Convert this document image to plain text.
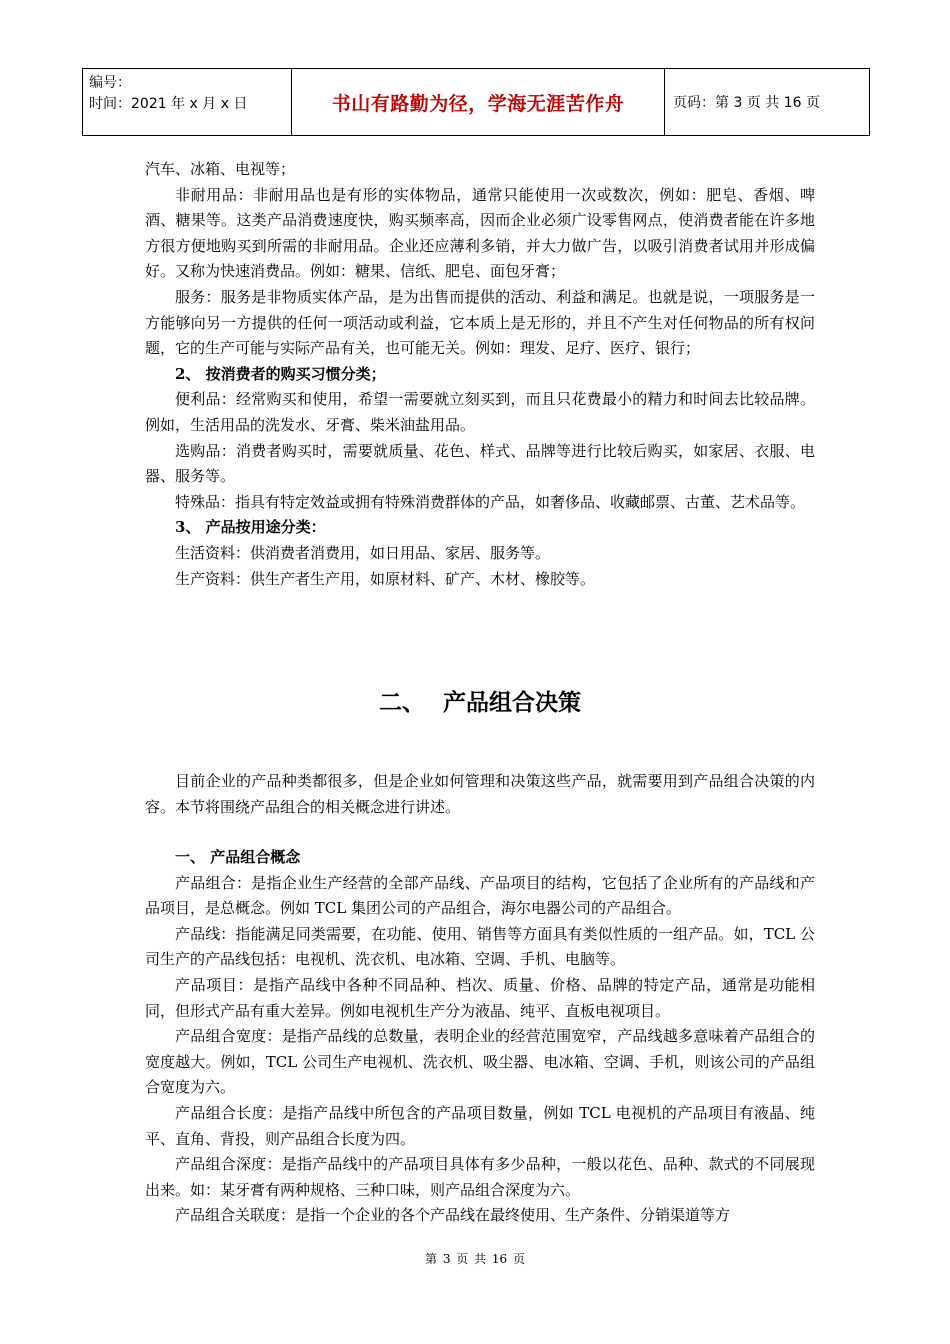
编号：
时间：2021 年 x 月 x 日	书山有路勤为径，学海无涯苦作舟	页码：第 3 页 共 16 页

汽车、冰箱、电视等；

非耐用品：非耐用品也是有形的实体物品，通常只能使用一次或数次，例如：肥皂、香烟、啤酒、糖果等。这类产品消费速度快，购买频率高，因而企业必须广设零售网点，使消费者能在许多地方很方便地购买到所需的非耐用品。企业还应薄利多销，并大力做广告，以吸引消费者试用并形成偏好。又称为快速消费品。例如：糖果、信纸、肥皂、面包牙膏；

服务：服务是非物质实体产品，是为出售而提供的活动、利益和满足。也就是说，一项服务是一方能够向另一方提供的任何一项活动或利益，它本质上是无形的，并且不产生对任何物品的所有权问题，它的生产可能与实际产品有关，也可能无关。例如：理发、足疗、医疗、银行；

2、 按消费者的购买习惯分类；

便利品：经常购买和使用，希望一需要就立刻买到，而且只花费最小的精力和时间去比较品牌。例如，生活用品的洗发水、牙膏、柴米油盐用品。

选购品：消费者购买时，需要就质量、花色、样式、品牌等进行比较后购买，如家居、衣服、电器、服务等。

特殊品：指具有特定效益或拥有特殊消费群体的产品，如奢侈品、收藏邮票、古董、艺术品等。

3、 产品按用途分类：

生活资料：供消费者消费用，如日用品、家居、服务等。

生产资料：供生产者生产用，如原材料、矿产、木材、橡胶等。

二、 产品组合决策

目前企业的产品种类都很多，但是企业如何管理和决策这些产品，就需要用到产品组合决策的内容。本节将围绕产品组合的相关概念进行讲述。

一、 产品组合概念

产品组合：是指企业生产经营的全部产品线、产品项目的结构，它包括了企业所有的产品线和产品项目，是总概念。例如 TCL 集团公司的产品组合，海尔电器公司的产品组合。

产品线：指能满足同类需要，在功能、使用、销售等方面具有类似性质的一组产品。如，TCL 公司生产的产品线包括：电视机、洗衣机、电冰箱、空调、手机、电脑等。

产品项目：是指产品线中各种不同品种、档次、质量、价格、品牌的特定产品，通常是功能相同，但形式产品有重大差异。例如电视机生产分为液晶、纯平、直板电视项目。

产品组合宽度：是指产品线的总数量，表明企业的经营范围宽窄，产品线越多意味着产品组合的宽度越大。例如，TCL 公司生产电视机、洗衣机、吸尘器、电冰箱、空调、手机，则该公司的产品组合宽度为六。

产品组合长度：是指产品线中所包含的产品项目数量，例如 TCL 电视机的产品项目有液晶、纯平、直角、背投，则产品组合长度为四。

产品组合深度：是指产品线中的产品项目具体有多少品种，一般以花色、品种、款式的不同展现出来。如：某牙膏有两种规格、三种口味，则产品组合深度为六。

产品组合关联度：是指一个企业的各个产品线在最终使用、生产条件、分销渠道等方

第 3 页 共 16 页
